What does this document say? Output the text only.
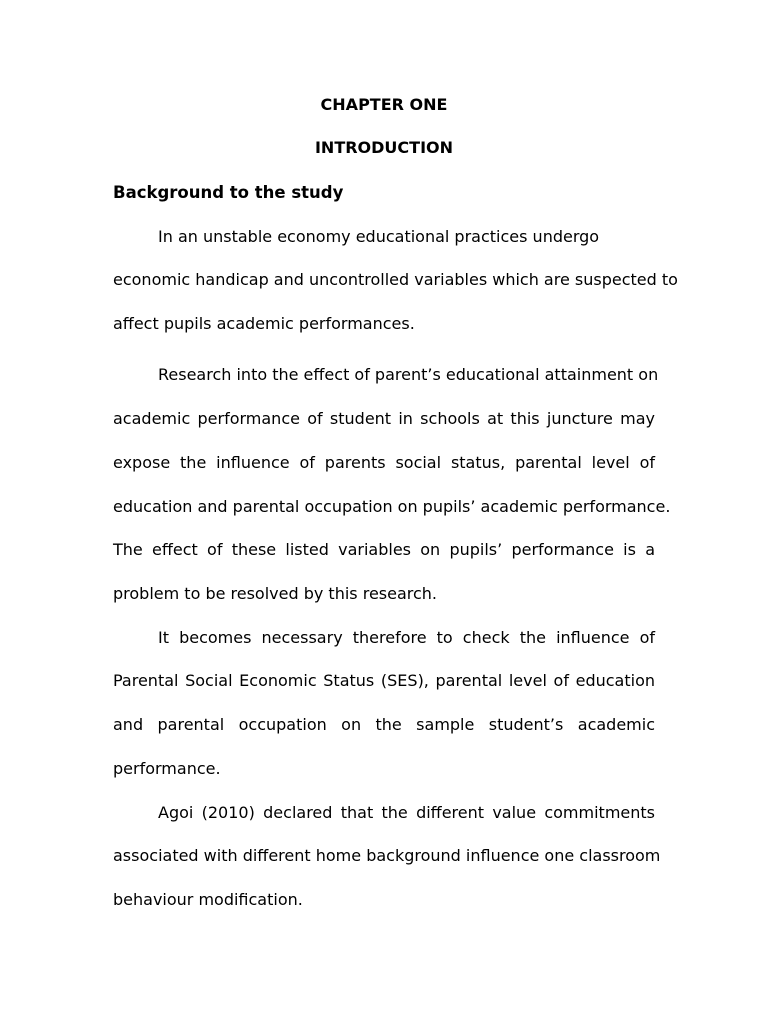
CHAPTER ONE
INTRODUCTION
Background to the study
In an unstable economy educational practices undergo
economic handicap and uncontrolled variables which are suspected to
affect pupils academic performances.
Research into the effect of parent’s educational attainment on
academic performance of student in schools at this juncture may
expose the influence of parents social status, parental level of
education and parental occupation on pupils’ academic performance.
The effect of these listed variables on pupils’ performance is a
problem to be resolved by this research.
It becomes necessary therefore to check the influence of
Parental Social Economic Status (SES), parental level of education
and parental occupation on the sample student’s academic
performance.
Agoi (2010) declared that the different value commitments
associated with different home background influence one classroom
behaviour modification.
